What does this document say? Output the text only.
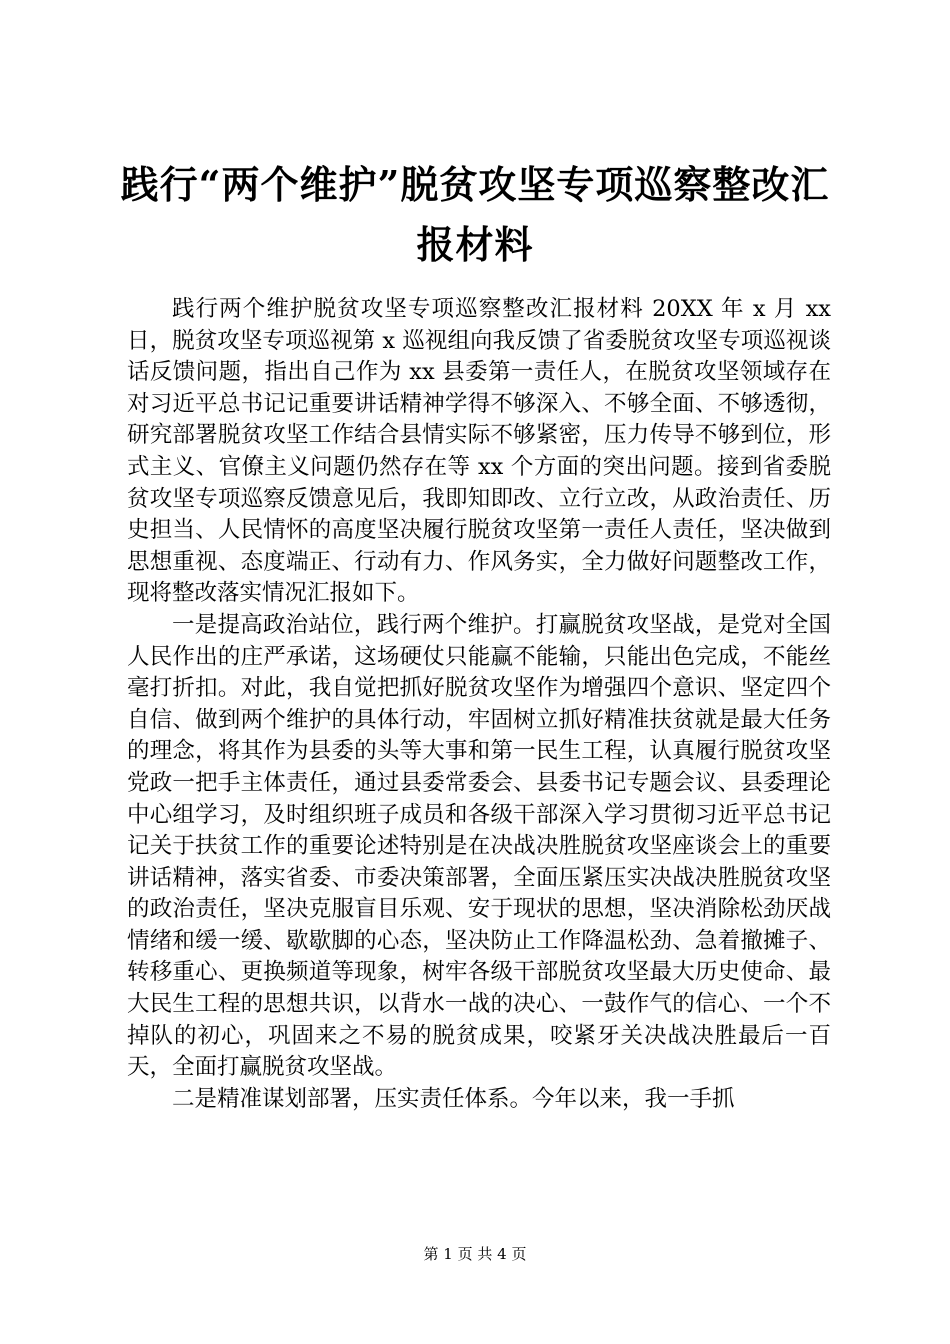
践行“两个维护”脱贫攻坚专项巡察整改汇报材料

践行两个维护脱贫攻坚专项巡察整改汇报材料 20XX 年 x 月 xx 日，脱贫攻坚专项巡视第 x 巡视组向我反馈了省委脱贫攻坚专项巡视谈话反馈问题，指出自己作为 xx 县委第一责任人，在脱贫攻坚领域存在对习近平总书记记重要讲话精神学得不够深入、不够全面、不够透彻，研究部署脱贫攻坚工作结合县情实际不够紧密，压力传导不够到位，形式主义、官僚主义问题仍然存在等 xx 个方面的突出问题。接到省委脱贫攻坚专项巡察反馈意见后，我即知即改、立行立改，从政治责任、历史担当、人民情怀的高度坚决履行脱贫攻坚第一责任人责任，坚决做到思想重视、态度端正、行动有力、作风务实，全力做好问题整改工作，现将整改落实情况汇报如下。

一是提高政治站位，践行两个维护。打赢脱贫攻坚战，是党对全国人民作出的庄严承诺，这场硬仗只能赢不能输，只能出色完成，不能丝毫打折扣。对此，我自觉把抓好脱贫攻坚作为增强四个意识、坚定四个自信、做到两个维护的具体行动，牢固树立抓好精准扶贫就是最大任务的理念，将其作为县委的头等大事和第一民生工程，认真履行脱贫攻坚党政一把手主体责任，通过县委常委会、县委书记专题会议、县委理论中心组学习，及时组织班子成员和各级干部深入学习贯彻习近平总书记记关于扶贫工作的重要论述特别是在决战决胜脱贫攻坚座谈会上的重要讲话精神，落实省委、市委决策部署，全面压紧压实决战决胜脱贫攻坚的政治责任，坚决克服盲目乐观、安于现状的思想，坚决消除松劲厌战情绪和缓一缓、歇歇脚的心态，坚决防止工作降温松劲、急着撤摊子、转移重心、更换频道等现象，树牢各级干部脱贫攻坚最大历史使命、最大民生工程的思想共识，以背水一战的决心、一鼓作气的信心、一个不掉队的初心，巩固来之不易的脱贫成果，咬紧牙关决战决胜最后一百天，全面打赢脱贫攻坚战。

二是精准谋划部署，压实责任体系。今年以来，我一手抓

第 1 页 共 4 页
